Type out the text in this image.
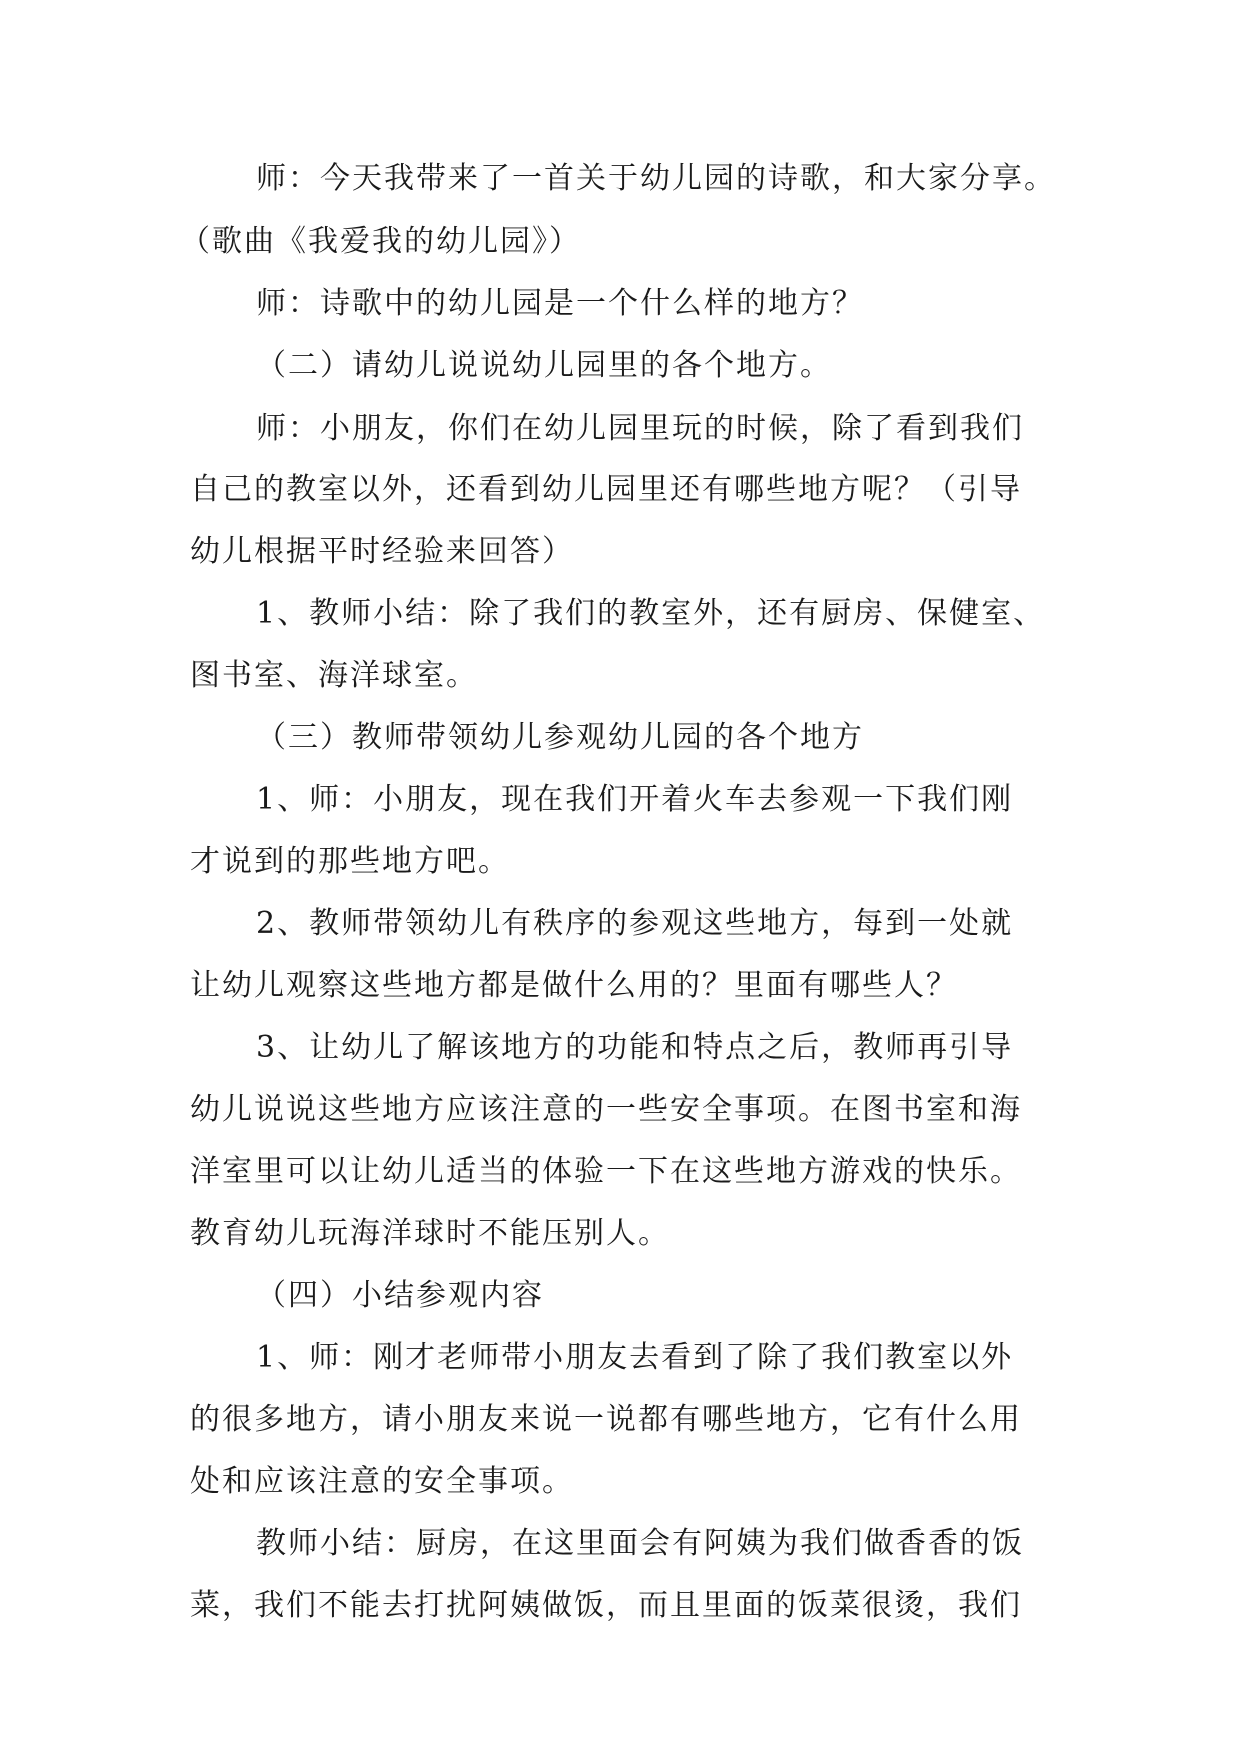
师：今天我带来了一首关于幼儿园的诗歌，和大家分享。
（歌曲《我爱我的幼儿园》）
师：诗歌中的幼儿园是一个什么样的地方？
（二）请幼儿说说幼儿园里的各个地方。
师：小朋友，你们在幼儿园里玩的时候，除了看到我们
自己的教室以外，还看到幼儿园里还有哪些地方呢？（引导
幼儿根据平时经验来回答）
1、教师小结：除了我们的教室外，还有厨房、保健室、
图书室、海洋球室。
（三）教师带领幼儿参观幼儿园的各个地方
1、师：小朋友，现在我们开着火车去参观一下我们刚
才说到的那些地方吧。
2、教师带领幼儿有秩序的参观这些地方，每到一处就
让幼儿观察这些地方都是做什么用的？里面有哪些人？
3、让幼儿了解该地方的功能和特点之后，教师再引导
幼儿说说这些地方应该注意的一些安全事项。在图书室和海
洋室里可以让幼儿适当的体验一下在这些地方游戏的快乐。
教育幼儿玩海洋球时不能压别人。
（四）小结参观内容
1、师：刚才老师带小朋友去看到了除了我们教室以外
的很多地方，请小朋友来说一说都有哪些地方，它有什么用
处和应该注意的安全事项。
教师小结：厨房，在这里面会有阿姨为我们做香香的饭
菜，我们不能去打扰阿姨做饭，而且里面的饭菜很烫，我们
